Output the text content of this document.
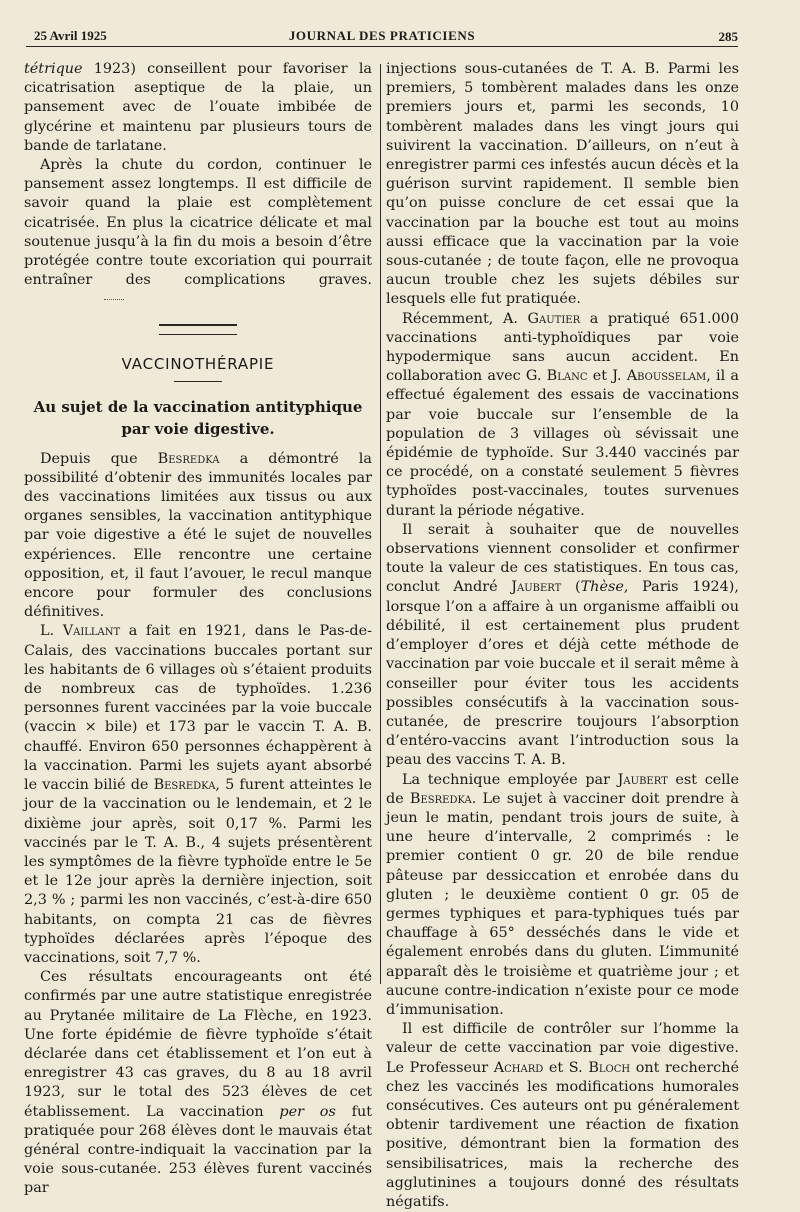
25 Avril 1925	JOURNAL DES PRATICIENS	285

tétrique 1923) conseillent pour favoriser la cicatrisation aseptique de la plaie, un pansement avec de l’ouate imbibée de glycérine et maintenu par plusieurs tours de bande de tarlatane.

Après la chute du cordon, continuer le pansement assez longtemps. Il est difficile de savoir quand la plaie est complètement cicatrisée. En plus la cicatrice délicate et mal soutenue jusqu’à la fin du mois a besoin d’être protégée contre toute excoriation qui pourrait entraîner des complications graves.

VACCINOTHÉRAPIE
Au sujet de la vaccination antityphique
par voie digestive.

Depuis que Besredka a démontré la possibilité d’obtenir des immunités locales par des vaccinations limitées aux tissus ou aux organes sensibles, la vaccination antityphique par voie digestive a été le sujet de nouvelles expériences. Elle rencontre une certaine opposition, et, il faut l’avouer, le recul manque encore pour formuler des conclusions définitives.

L. Vaillant a fait en 1921, dans le Pas-de-Calais, des vaccinations buccales portant sur les habitants de 6 villages où s’étaient produits de nombreux cas de typhoïdes. 1.236 personnes furent vaccinées par la voie buccale (vaccin × bile) et 173 par le vaccin T. A. B. chauffé. Environ 650 personnes échappèrent à la vaccination. Parmi les sujets ayant absorbé le vaccin bilié de Besredka, 5 furent atteintes le jour de la vaccination ou le lendemain, et 2 le dixième jour après, soit 0,17 %. Parmi les vaccinés par le T. A. B., 4 sujets présentèrent les symptômes de la fièvre typhoïde entre le 5e et le 12e jour après la dernière injection, soit 2,3 % ; parmi les non vaccinés, c’est-à-dire 650 habitants, on compta 21 cas de fièvres typhoïdes déclarées après l’époque des vaccinations, soit 7,7 %.

Ces résultats encourageants ont été confirmés par une autre statistique enregistrée au Prytanée militaire de La Flèche, en 1923. Une forte épidémie de fièvre typhoïde s’était déclarée dans cet établissement et l’on eut à enregistrer 43 cas graves, du 8 au 18 avril 1923, sur le total des 523 élèves de cet établissement. La vaccination per os fut pratiquée pour 268 élèves dont le mauvais état général contre-indiquait la vaccination par la voie sous-cutanée. 253 élèves furent vaccinés par

injections sous-cutanées de T. A. B. Parmi les premiers, 5 tombèrent malades dans les onze premiers jours et, parmi les seconds, 10 tombèrent malades dans les vingt jours qui suivirent la vaccination. D’ailleurs, on n’eut à enregistrer parmi ces infestés aucun décès et la guérison survint rapidement. Il semble bien qu’on puisse conclure de cet essai que la vaccination par la bouche est tout au moins aussi efficace que la vaccination par la voie sous-cutanée ; de toute façon, elle ne provoqua aucun trouble chez les sujets débiles sur lesquels elle fut pratiquée.

Récemment, A. Gautier a pratiqué 651.000 vaccinations anti-typhoïdiques par voie hypodermique sans aucun accident. En collaboration avec G. Blanc et J. Abousselam, il a effectué également des essais de vaccinations par voie buccale sur l’ensemble de la population de 3 villages où sévissait une épidémie de typhoïde. Sur 3.440 vaccinés par ce procédé, on a constaté seulement 5 fièvres typhoïdes post-vaccinales, toutes survenues durant la période négative.

Il serait à souhaiter que de nouvelles observations viennent consolider et confirmer toute la valeur de ces statistiques. En tous cas, conclut André Jaubert (Thèse, Paris 1924), lorsque l’on a affaire à un organisme affaibli ou débilité, il est certainement plus prudent d’employer d’ores et déjà cette méthode de vaccination par voie buccale et il serait même à conseiller pour éviter tous les accidents possibles consécutifs à la vaccination sous-cutanée, de prescrire toujours l’absorption d’entéro-vaccins avant l’introduction sous la peau des vaccins T. A. B.

La technique employée par Jaubert est celle de Besredka. Le sujet à vacciner doit prendre à jeun le matin, pendant trois jours de suite, à une heure d’intervalle, 2 comprimés : le premier contient 0 gr. 20 de bile rendue pâteuse par dessiccation et enrobée dans du gluten ; le deuxième contient 0 gr. 05 de germes typhiques et para-typhiques tués par chauffage à 65° desséchés dans le vide et également enrobés dans du gluten. L’immunité apparaît dès le troisième et quatrième jour ; et aucune contre-indication n’existe pour ce mode d’immunisation.

Il est difficile de contrôler sur l’homme la valeur de cette vaccination par voie digestive. Le Professeur Achard et S. Bloch ont recherché chez les vaccinés les modifications humorales consécutives. Ces auteurs ont pu généralement obtenir tardivement une réaction de fixation positive, démontrant bien la formation des sensibilisatrices, mais la recherche des agglutinines a toujours donné des résultats négatifs.
